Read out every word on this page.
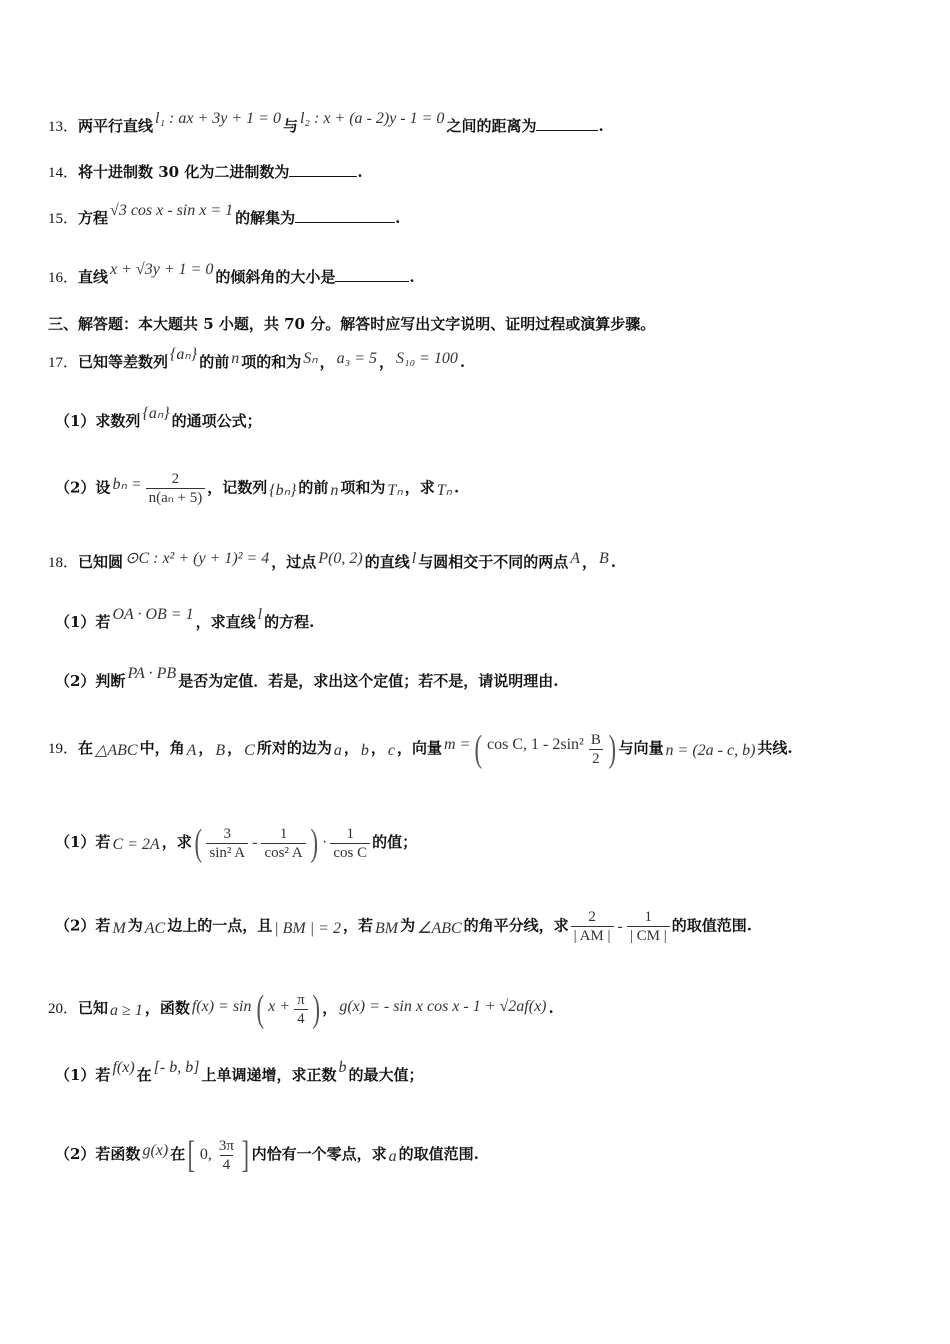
13．两平行直线 l₁ : ax + 3y + 1 = 0 与 l₂ : x + (a - 2)y - 1 = 0 之间的距离为	.
14．将十进制数 30 化为二进制数为	.
15．方程 √3 cos x - sin x = 1 的解集为	.
16．直线 x + √3y + 1 = 0 的倾斜角的大小是	.
三、解答题：本大题共 5 小题，共 70 分。解答时应写出文字说明、证明过程或演算步骤。
17．已知等差数列 {aₙ} 的前 n 项的和为 Sₙ ， a₃ = 5 ， S₁₀ = 100 .
（1）求数列 {aₙ} 的通项公式；
（2）设 $b_n = \frac{2}{\text{n(aₙ + 5)}}$ ，记数列 {bₙ} 的前 n 项和为 Tₙ ，求 Tₙ .
18．已知圆 ⊙C : x² + (y + 1)² = 4 ，过点 P(0, 2) 的直线 l 与圆相交于不同的两点 A ， B .
（1）若 OA · OB = 1 ，求直线 l 的方程.
（2）判断 PA · PB 是否为定值．若是，求出这个定值；若不是，请说明理由.
19．在 △ABC 中，角 A ， B ， C 所对的边为 a ， b ， c ，向量 m = ( cos C, $1 - 2\sin^2 \frac{B}{2}$ ) 与向量 n = (2a - c, b) 共线.
（1）若 C = 2A ，求( $\frac{3}{\text{sin² A}} - \frac{1}{\text{cos² A}}$ ) · $\frac{1}{\text{cos C}}$ 的值；
（2）若 M 为 AC 边上的一点，且 | BM | = 2 ，若 BM 为 ∠ABC 的角平分线，求 $\frac{2}{| AM |} - \frac{1}{| CM |}$ 的取值范围.
20．已知 a ≥ 1 ，函数 f(x) = sin ( $x + \frac{\pi}{4}$ ) ， g(x) = - sin x cos x - 1 + √2af(x) .
（1）若 f(x) 在 [- b, b] 上单调递增，求正数 b 的最大值；
（2）若函数 g(x) 在[ 0, $\frac{3\pi}{4}$ ] 内恰有一个零点，求 a 的取值范围.
